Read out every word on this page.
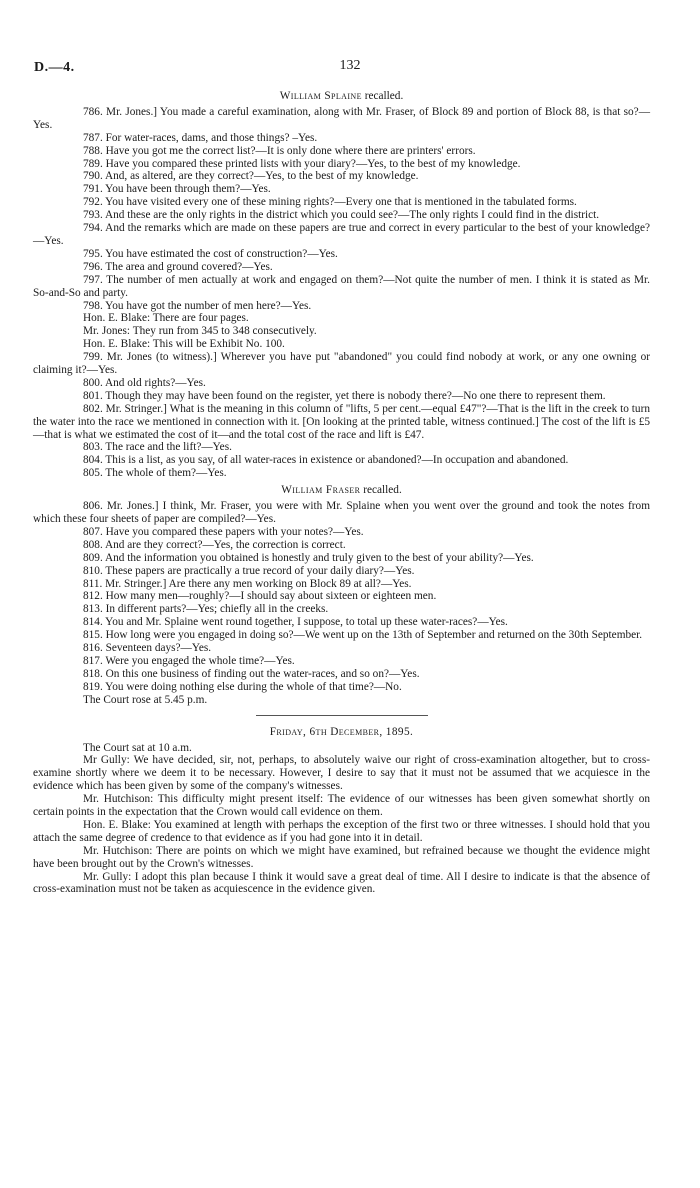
D.—4.	132
William Splaine recalled.

786. Mr. Jones.] You made a careful examination, along with Mr. Fraser, of Block 89 and portion of Block 88, is that so?—Yes.

787. For water-races, dams, and those things? –Yes.

788. Have you got me the correct list?—It is only done where there are printers' errors.

789. Have you compared these printed lists with your diary?—Yes, to the best of my knowledge.

790. And, as altered, are they correct?—Yes, to the best of my knowledge.

791. You have been through them?—Yes.

792. You have visited every one of these mining rights?—Every one that is mentioned in the tabulated forms.

793. And these are the only rights in the district which you could see?—The only rights I could find in the district.

794. And the remarks which are made on these papers are true and correct in every particular to the best of your knowledge?—Yes.

795. You have estimated the cost of construction?—Yes.

796. The area and ground covered?—Yes.

797. The number of men actually at work and engaged on them?—Not quite the number of men. I think it is stated as Mr. So-and-So and party.

798. You have got the number of men here?—Yes.

Hon. E. Blake: There are four pages.

Mr. Jones: They run from 345 to 348 consecutively.

Hon. E. Blake: This will be Exhibit No. 100.

799. Mr. Jones (to witness).] Wherever you have put "abandoned" you could find nobody at work, or any one owning or claiming it?—Yes.

800. And old rights?—Yes.

801. Though they may have been found on the register, yet there is nobody there?—No one there to represent them.

802. Mr. Stringer.] What is the meaning in this column of "lifts, 5 per cent.—equal £47"?—That is the lift in the creek to turn the water into the race we mentioned in connection with it. [On looking at the printed table, witness continued.] The cost of the lift is £5—that is what we estimated the cost of it—and the total cost of the race and lift is £47.

803. The race and the lift?—Yes.

804. This is a list, as you say, of all water-races in existence or abandoned?—In occupation and abandoned.

805. The whole of them?—Yes.

William Fraser recalled.

806. Mr. Jones.] I think, Mr. Fraser, you were with Mr. Splaine when you went over the ground and took the notes from which these four sheets of paper are compiled?—Yes.

807. Have you compared these papers with your notes?—Yes.

808. And are they correct?—Yes, the correction is correct.

809. And the information you obtained is honestly and truly given to the best of your ability?—Yes.

810. These papers are practically a true record of your daily diary?—Yes.

811. Mr. Stringer.] Are there any men working on Block 89 at all?—Yes.

812. How many men—roughly?—I should say about sixteen or eighteen men.

813. In different parts?—Yes; chiefly all in the creeks.

814. You and Mr. Splaine went round together, I suppose, to total up these water-races?—Yes.

815. How long were you engaged in doing so?—We went up on the 13th of September and returned on the 30th September.

816. Seventeen days?—Yes.

817. Were you engaged the whole time?—Yes.

818. On this one business of finding out the water-races, and so on?—Yes.

819. You were doing nothing else during the whole of that time?—No.

The Court rose at 5.45 p.m.

Friday, 6th December, 1895.

The Court sat at 10 a.m.

Mr Gully: We have decided, sir, not, perhaps, to absolutely waive our right of cross-examination altogether, but to cross-examine shortly where we deem it to be necessary. However, I desire to say that it must not be assumed that we acquiesce in the evidence which has been given by some of the company's witnesses.

Mr. Hutchison: This difficulty might present itself: The evidence of our witnesses has been given somewhat shortly on certain points in the expectation that the Crown would call evidence on them.

Hon. E. Blake: You examined at length with perhaps the exception of the first two or three witnesses. I should hold that you attach the same degree of credence to that evidence as if you had gone into it in detail.

Mr. Hutchison: There are points on which we might have examined, but refrained because we thought the evidence might have been brought out by the Crown's witnesses.

Mr. Gully: I adopt this plan because I think it would save a great deal of time. All I desire to indicate is that the absence of cross-examination must not be taken as acquiescence in the evidence given.
